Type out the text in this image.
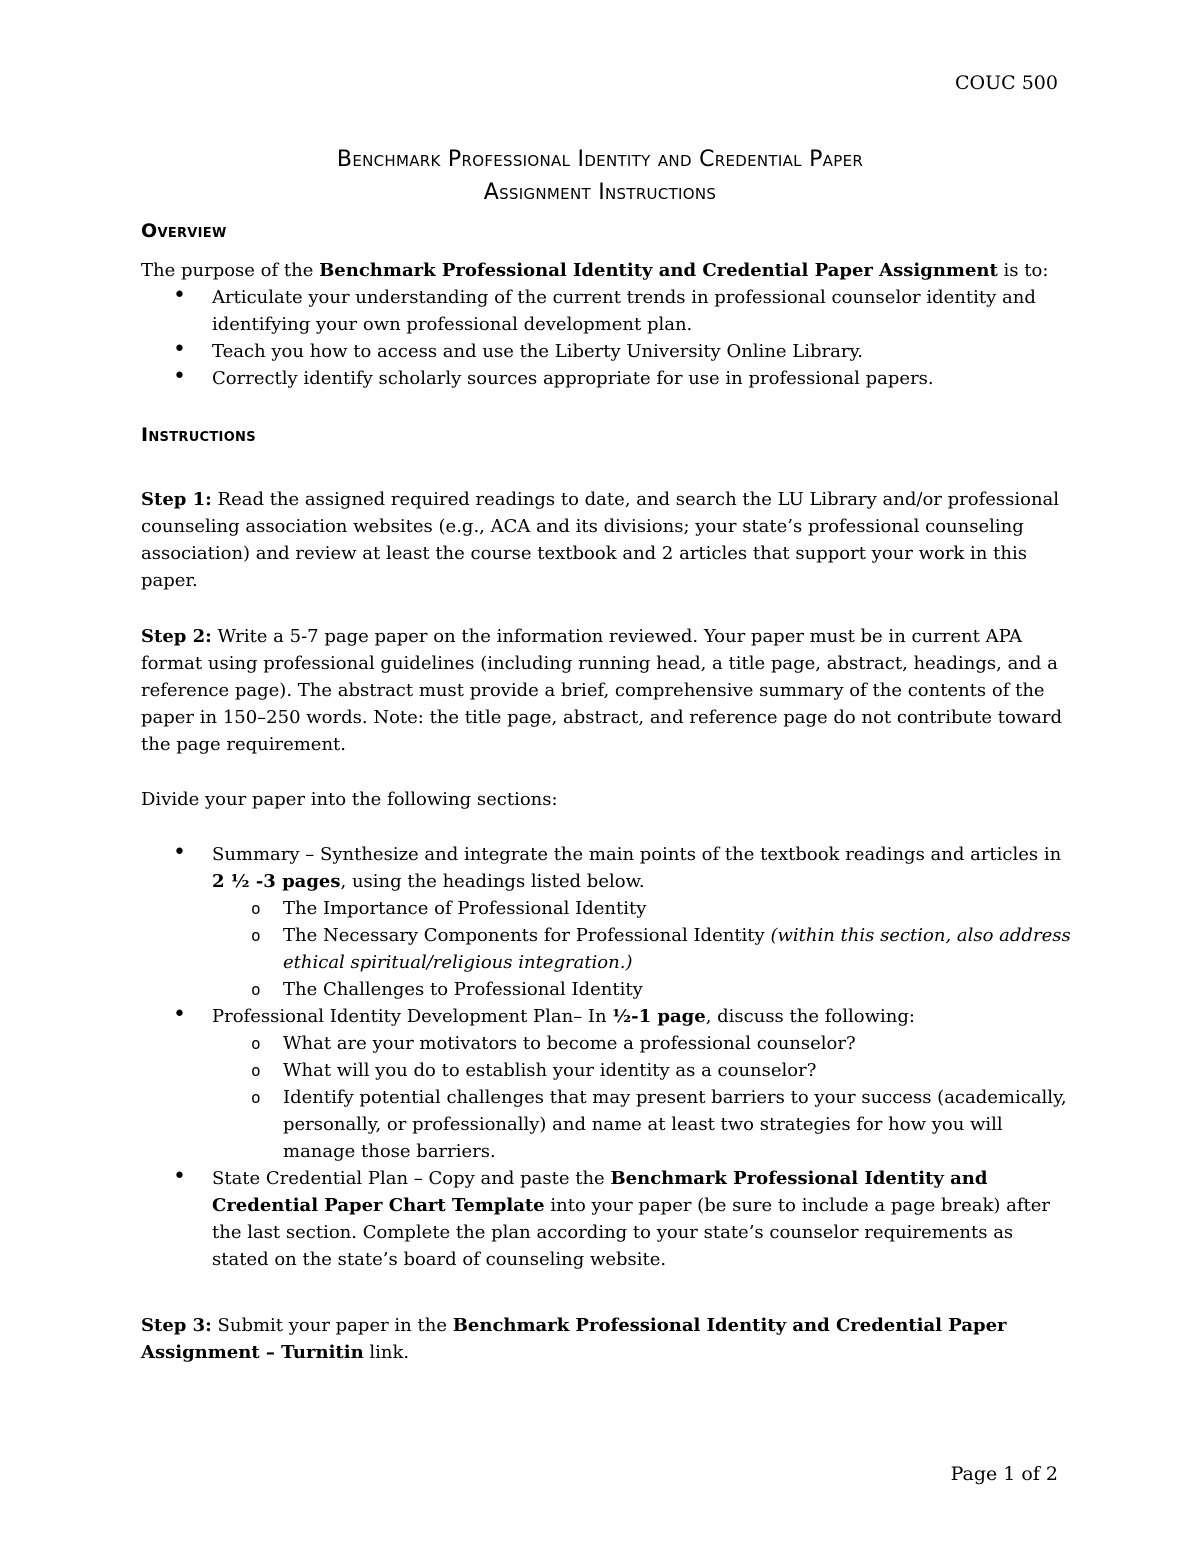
COUC 500
Benchmark Professional Identity and Credential Paper
Assignment Instructions
Overview

The purpose of the Benchmark Professional Identity and Credential Paper Assignment is to:

• Articulate your understanding of the current trends in professional counselor identity and identifying your own professional development plan.
• Teach you how to access and use the Liberty University Online Library.
• Correctly identify scholarly sources appropriate for use in professional papers.
Instructions

Step 1: Read the assigned required readings to date, and search the LU Library and/or professional counseling association websites (e.g., ACA and its divisions; your state’s professional counseling association) and review at least the course textbook and 2 articles that support your work in this paper.

Step 2: Write a 5-7 page paper on the information reviewed. Your paper must be in current APA format using professional guidelines (including running head, a title page, abstract, headings, and a reference page). The abstract must provide a brief, comprehensive summary of the contents of the paper in 150–250 words. Note: the title page, abstract, and reference page do not contribute toward the page requirement.

Divide your paper into the following sections:

• Summary – Synthesize and integrate the main points of the textbook readings and articles in 2 ½ -3 pages, using the headings listed below.
o The Importance of Professional Identity
o The Necessary Components for Professional Identity (within this section, also address ethical spiritual/religious integration.)
o The Challenges to Professional Identity
• Professional Identity Development Plan– In ½-1 page, discuss the following:
o What are your motivators to become a professional counselor?
o What will you do to establish your identity as a counselor?
o Identify potential challenges that may present barriers to your success (academically, personally, or professionally) and name at least two strategies for how you will manage those barriers.
• State Credential Plan – Copy and paste the Benchmark Professional Identity and Credential Paper Chart Template into your paper (be sure to include a page break) after the last section. Complete the plan according to your state’s counselor requirements as stated on the state’s board of counseling website.

Step 3: Submit your paper in the Benchmark Professional Identity and Credential Paper Assignment – Turnitin link.

Page 1 of 2
